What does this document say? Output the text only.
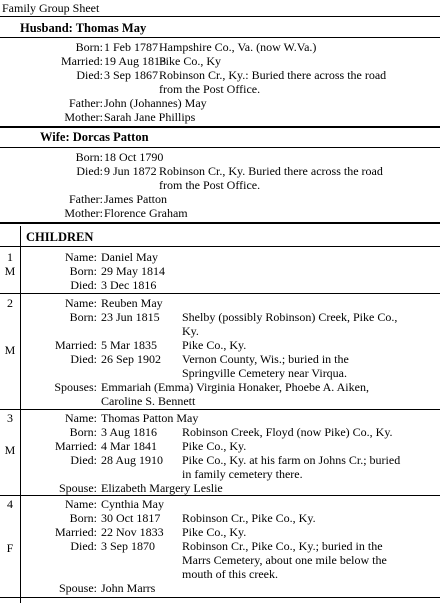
Family Group Sheet
Husband: Thomas May
Born: 1 Feb 1787 Hampshire Co., Va. (now W.Va.)
Married: 19 Aug 1813
Pike Co., Ky
Died: 3 Sep 1867 Robinson Cr., Ky.: Buried there across the road
from the Post Office.
Father: John (Johannes) May
Mother: Sarah Jane Phillips
Wife: Dorcas Patton
Born: 18 Oct 1790
Died: 9 Jun 1872 Robinson Cr., Ky. Buried there across the road
from the Post Office.
Father: James Patton
Mother: Florence Graham
CHILDREN
1
M
Name: Daniel May
Born: 29 May 1814
Died: 3 Dec 1816
2
M
Name: Reuben May
Born: 23 Jun 1815 Shelby (possibly Robinson) Creek, Pike Co.,
Ky.
Married: 5 Mar 1835 Pike Co., Ky.
Died: 26 Sep 1902 Vernon County, Wis.; buried in the
Springville Cemetery near Virqua.
Spouses: Emmariah (Emma) Virginia Honaker, Phoebe A. Aiken,
Caroline S. Bennett
3
M
Name: Thomas Patton May
Born: 3 Aug 1816 Robinson Creek, Floyd (now Pike) Co., Ky.
Married: 4 Mar 1841 Pike Co., Ky.
Died: 28 Aug 1910 Pike Co., Ky. at his farm on Johns Cr.; buried
in family cemetery there.
Spouse: Elizabeth Margery Leslie
4
F
Name: Cynthia May
Born: 30 Oct 1817 Robinson Cr., Pike Co., Ky.
Married: 22 Nov 1833 Pike Co., Ky.
Died: 3 Sep 1870 Robinson Cr., Pike Co., Ky.; buried in the
Marrs Cemetery, about one mile below the
mouth of this creek.
Spouse: John Marrs
